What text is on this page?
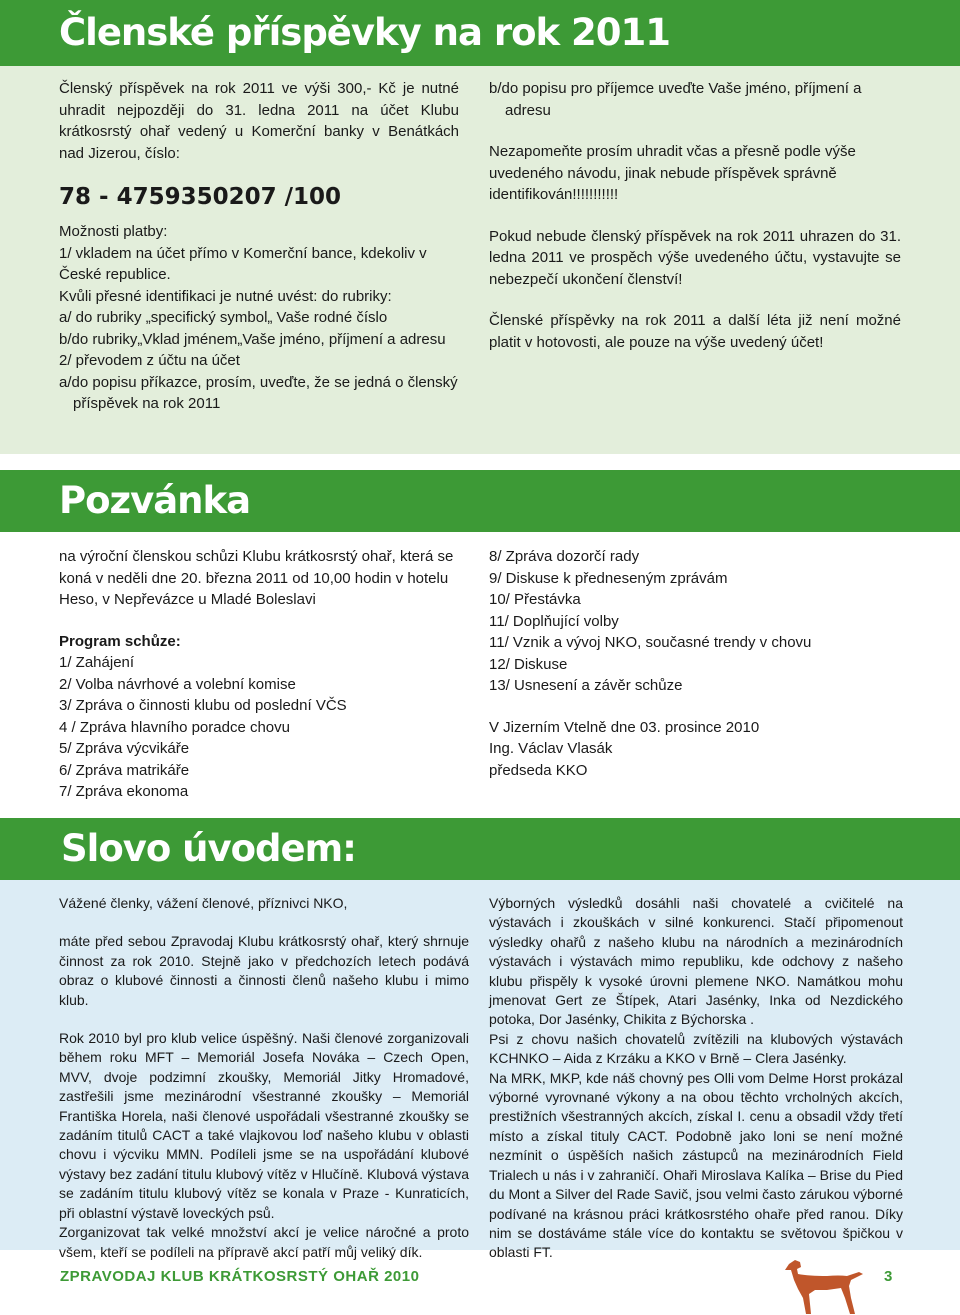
Členské příspěvky na rok 2011

Členský příspěvek na rok 2011 ve výši 300,- Kč je nutné uhradit nejpozději do 31. ledna 2011 na účet Klubu krátkosrstý ohař vedený u Komerční banky v Benátkách nad Jizerou, číslo:

78 - 4759350207 /100

Možnosti platby:

1/ vkladem na účet přímo v Komerční bance, kdekoliv v České republice.

Kvůli přesné identifikaci je nutné uvést: do rubriky:

a/ do rubriky „specifický symbol„ Vaše rodné číslo

b/do rubriky„Vklad jménem„Vaše jméno, příjmení a adresu

2/ převodem z účtu na účet

a/do popisu příkazce, prosím, uveďte, že se jedná o členský příspěvek na rok 2011

b/do popisu pro příjemce uveďte Vaše jméno, příjmení a adresu

Nezapomeňte prosím uhradit včas a přesně podle výše uvedeného návodu, jinak nebude příspěvek správně identifikován!!!!!!!!!!!

Pokud nebude členský příspěvek na rok 2011 uhrazen do 31. ledna 2011 ve prospěch výše uvedeného účtu, vystavujte se nebezpečí ukončení členství!

Členské příspěvky na rok 2011 a další léta již není možné platit v hotovosti, ale pouze na výše uvedený účet!

Pozvánka

na výroční členskou schůzi Klubu krátkosrstý ohař, která se koná v neděli dne 20. března 2011 od 10,00 hodin v hotelu Heso, v Nepřevázce u Mladé Boleslavi

Program schůze:

1/ Zahájení

2/ Volba návrhové a volební komise

3/ Zpráva o činnosti klubu od poslední VČS

4 / Zpráva hlavního poradce chovu

5/ Zpráva výcvikáře

6/ Zpráva matrikáře

7/ Zpráva ekonoma

8/ Zpráva dozorčí rady

9/ Diskuse k předneseným zprávám

10/ Přestávka

11/ Doplňující volby

11/ Vznik a vývoj NKO, současné trendy v chovu

12/ Diskuse

13/ Usnesení a závěr schůze

V Jizerním Vtelně dne 03. prosince 2010

Ing. Václav Vlasák

předseda KKO

Slovo úvodem:

Vážené členky, vážení členové, příznivci NKO,

máte před sebou Zpravodaj Klubu krátkosrstý ohař, který shrnuje činnost za rok 2010. Stejně jako v předchozích letech podává obraz o klubové činnosti a činnosti členů našeho klubu i mimo klub.

Rok 2010 byl pro klub velice úspěšný. Naši členové zorganizovali během roku MFT – Memoriál Josefa Nováka – Czech Open, MVV, dvoje podzimní zkoušky, Memoriál Jitky Hromadové, zastřešili jsme mezinárodní všestranné zkoušky – Memoriál Františka Horela, naši členové uspořádali všestranné zkoušky se zadáním titulů CACT a také vlajkovou loď našeho klubu v oblasti chovu i výcviku MMN. Podíleli jsme se na uspořádání klubové výstavy bez zadání titulu klubový vítěz v Hlučíně. Klubová výstava se zadáním titulu klubový vítěz se konala v Praze - Kunraticích, při oblastní výstavě loveckých psů.

Zorganizovat tak velké množství akcí je velice náročné a proto všem, kteří se podíleli na přípravě akcí patří můj veliký dík.

Výborných výsledků dosáhli naši chovatelé a cvičitelé na výstavách i zkouškách v silné konkurenci. Stačí připomenout výsledky ohařů z našeho klubu na národních a mezinárodních výstavách i výstavách mimo republiku, kde odchovy z našeho klubu přispěly k vysoké úrovni plemene NKO. Namátkou mohu jmenovat Gert ze Štípek, Atari Jasénky, Inka od Nezdického potoka, Dor Jasénky, Chikita z Býchorska .

Psi z chovu našich chovatelů zvítězili na klubových výstavách KCHNKO – Aida z Krzáku a KKO v Brně – Clera Jasénky.

Na MRK, MKP, kde náš chovný pes Olli vom Delme Horst prokázal výborné vyrovnané výkony a na obou těchto vrcholných akcích, prestižních všestranných akcích, získal I. cenu a obsadil vždy třetí místo a získal tituly CACT. Podobně jako loni se není možné nezmínit o úspěších našich zástupců na mezinárodních Field Trialech u nás i v zahraničí. Ohaři Miroslava Kalíka – Brise du Pied du Mont a Silver del Rade Savič, jsou velmi často zárukou výborné podívané na krásnou práci krátkosrstého ohaře před ranou. Díky nim se dostáváme stále více do kontaktu se světovou špičkou v oblasti FT.

ZPRAVODAJ KLUB KRÁTKOSRSTÝ OHAŘ 2010	3
